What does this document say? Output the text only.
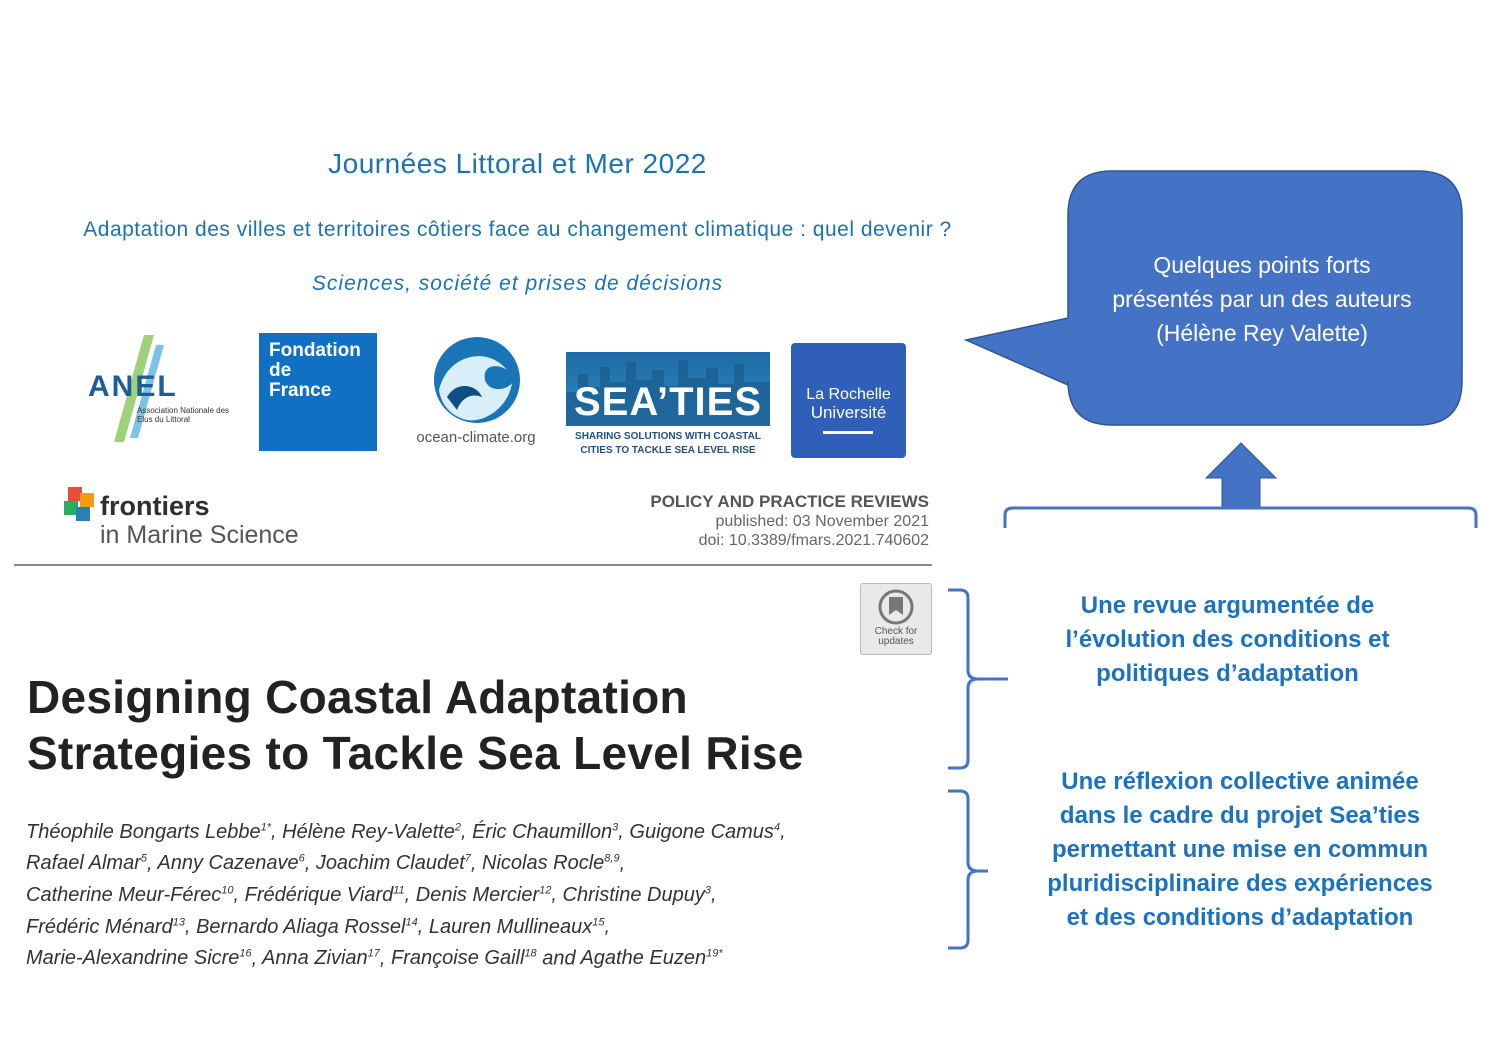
Journées Littoral et Mer 2022
Adaptation des villes et territoires côtiers face au changement climatique : quel devenir ?
Sciences, société et prises de décisions
ANEL
Association Nationale des Elus du Littoral
Fondation
de
France
ocean-climate.org
SEA’TIES
SHARING SOLUTIONS WITH COASTAL
CITIES TO TACKLE SEA LEVEL RISE
La Rochelle
Université
frontiers
in Marine Science
POLICY AND PRACTICE REVIEWS
published: 03 November 2021
doi: 10.3389/fmars.2021.740602
Check for
updates
Designing Coastal Adaptation
Strategies to Tackle Sea Level Rise
Théophile Bongarts Lebbe$^{1*}$, Hélène Rey-Valette$^2$, Éric Chaumillon$^3$, Guigone Camus$^4$,
Rafael Almar$^5$, Anny Cazenave$^6$, Joachim Claudet$^7$, Nicolas Rocle$^{8,9}$,
Catherine Meur-Férec$^{10}$, Frédérique Viard$^{11}$, Denis Mercier$^{12}$, Christine Dupuy$^3$,
Frédéric Ménard$^{13}$, Bernardo Aliaga Rossel$^{14}$, Lauren Mullineaux$^{15}$,
Marie-Alexandrine Sicre$^{16}$, Anna Zivian$^{17}$, Françoise Gaill$^{18}$ and Agathe Euzen$^{19*}$
Quelques points forts
présentés par un des auteurs
(Hélène Rey Valette)
Une revue argumentée de
l’évolution des conditions et
politiques d’adaptation
Une réflexion collective animée
dans le cadre du projet Sea’ties
permettant une mise en commun
pluridisciplinaire des expériences
et des conditions d’adaptation
